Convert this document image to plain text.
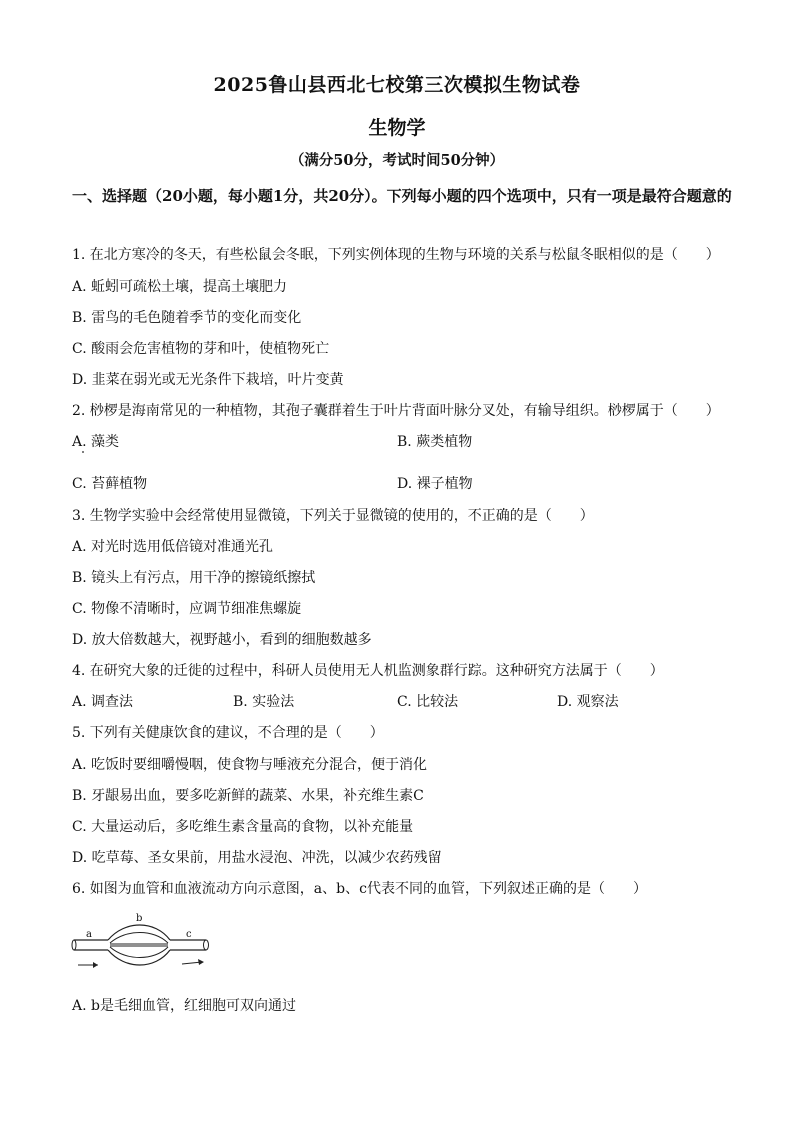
2025鲁山县西北七校第三次模拟生物试卷
生物学
（满分50分，考试时间50分钟）
一、选择题（20小题，每小题1分，共20分）。下列每小题的四个选项中，只有一项是最符合题意的
1. 在北方寒冷的冬天，有些松鼠会冬眠，下列实例体现的生物与环境的关系与松鼠冬眠相似的是（　　）
A. 蚯蚓可疏松土壤，提高土壤肥力
B. 雷鸟的毛色随着季节的变化而变化
C. 酸雨会危害植物的芽和叶，使植物死亡
D. 韭菜在弱光或无光条件下栽培，叶片变黄
2. 桫椤是海南常见的一种植物，其孢子囊群着生于叶片背面叶脉分叉处，有输导组织。桫椤属于（　　）
A. 藻类	B. 蕨类植物
C. 苔藓植物	D. 裸子植物
3. 生物学实验中会经常使用显微镜，下列关于显微镜的使用的，不正确的是（　　）
A. 对光时选用低倍镜对准通光孔
B. 镜头上有污点，用干净的擦镜纸擦拭
C. 物像不清晰时，应调节细准焦螺旋
D. 放大倍数越大，视野越小，看到的细胞数越多
4. 在研究大象的迁徙的过程中，科研人员使用无人机监测象群行踪。这种研究方法属于（　　）
A. 调查法	B. 实验法	C. 比较法	D. 观察法
5. 下列有关健康饮食的建议，不合理的是（　　）
A. 吃饭时要细嚼慢咽，使食物与唾液充分混合，便于消化
B. 牙龈易出血，要多吃新鲜的蔬菜、水果，补充维生素C
C. 大量运动后，多吃维生素含量高的食物，以补充能量
D. 吃草莓、圣女果前，用盐水浸泡、冲洗，以减少农药残留
6. 如图为血管和血液流动方向示意图，a、b、c代表不同的血管，下列叙述正确的是（　　）
a
b
c
A. b是毛细血管，红细胞可双向通过
